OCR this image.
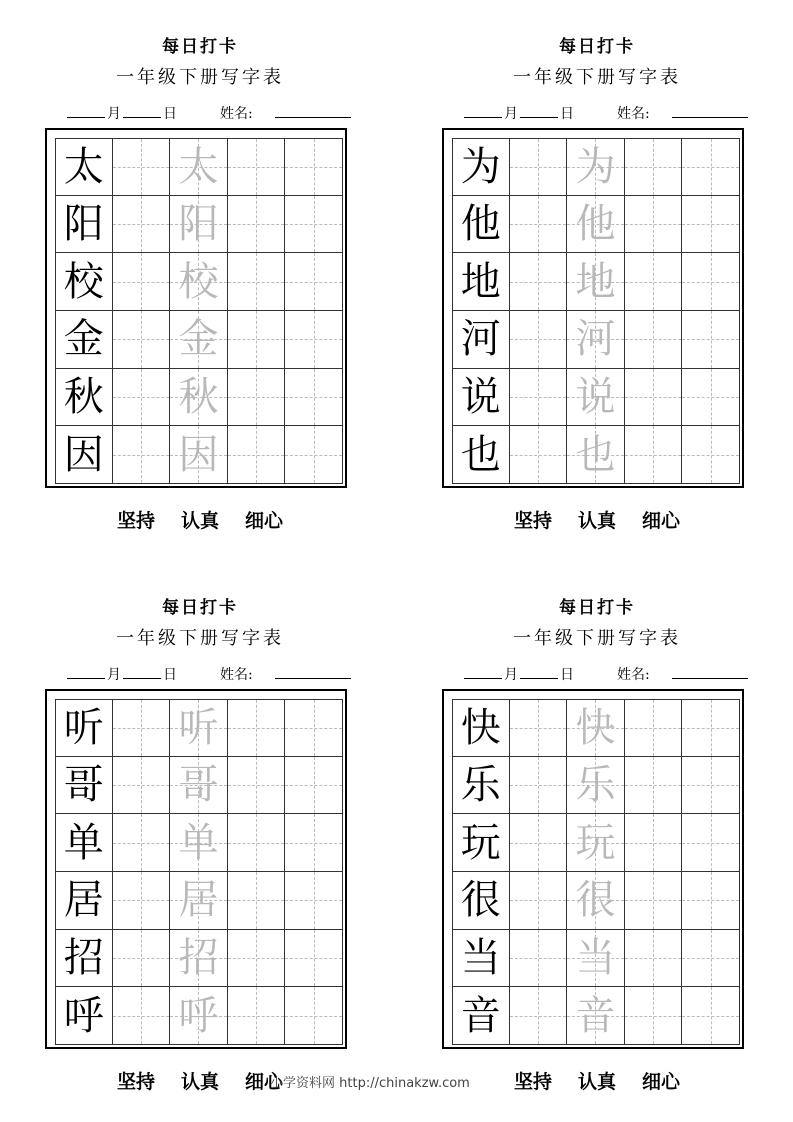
每日打卡
一年级下册写字表
月	日	姓名:
太 太
阳 阳
校 校
金 金
秋 秋
因 因
坚持 认真 细心
每日打卡
一年级下册写字表
月	日	姓名:
为 为
他 他
地 地
河 河
说 说
也 也
坚持 认真 细心
每日打卡
一年级下册写字表
月	日	姓名:
听 听
哥 哥
单 单
居 居
招 招
呼 呼
坚持 认真 细心
每日打卡
一年级下册写字表
月	日	姓名:
快 快
乐 乐
玩 玩
很 很
当 当
音 音
坚持 认真 细心
小学资料网 http://chinakzw.com
